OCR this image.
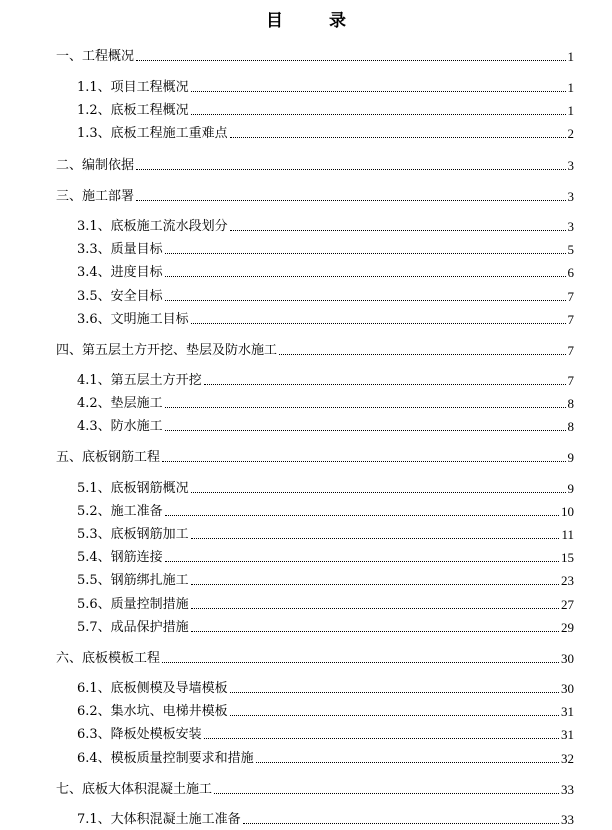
目	录
一、工程概况	1
1.1、项目工程概况	1
1.2、底板工程概况	1
1.3、底板工程施工重难点	2
二、编制依据	3
三、施工部署	3
3.1、底板施工流水段划分	3
3.3、质量目标	5
3.4、进度目标	6
3.5、安全目标	7
3.6、文明施工目标	7
四、第五层土方开挖、垫层及防水施工	7
4.1、第五层土方开挖	7
4.2、垫层施工	8
4.3、防水施工	8
五、底板钢筋工程	9
5.1、底板钢筋概况	9
5.2、施工准备	10
5.3、底板钢筋加工	11
5.4、钢筋连接	15
5.5、钢筋绑扎施工	23
5.6、质量控制措施	27
5.7、成品保护措施	29
六、底板模板工程	30
6.1、底板侧模及导墙模板	30
6.2、集水坑、电梯井模板	31
6.3、降板处模板安装	31
6.4、模板质量控制要求和措施	32
七、底板大体积混凝土施工	33
7.1、大体积混凝土施工准备	33
